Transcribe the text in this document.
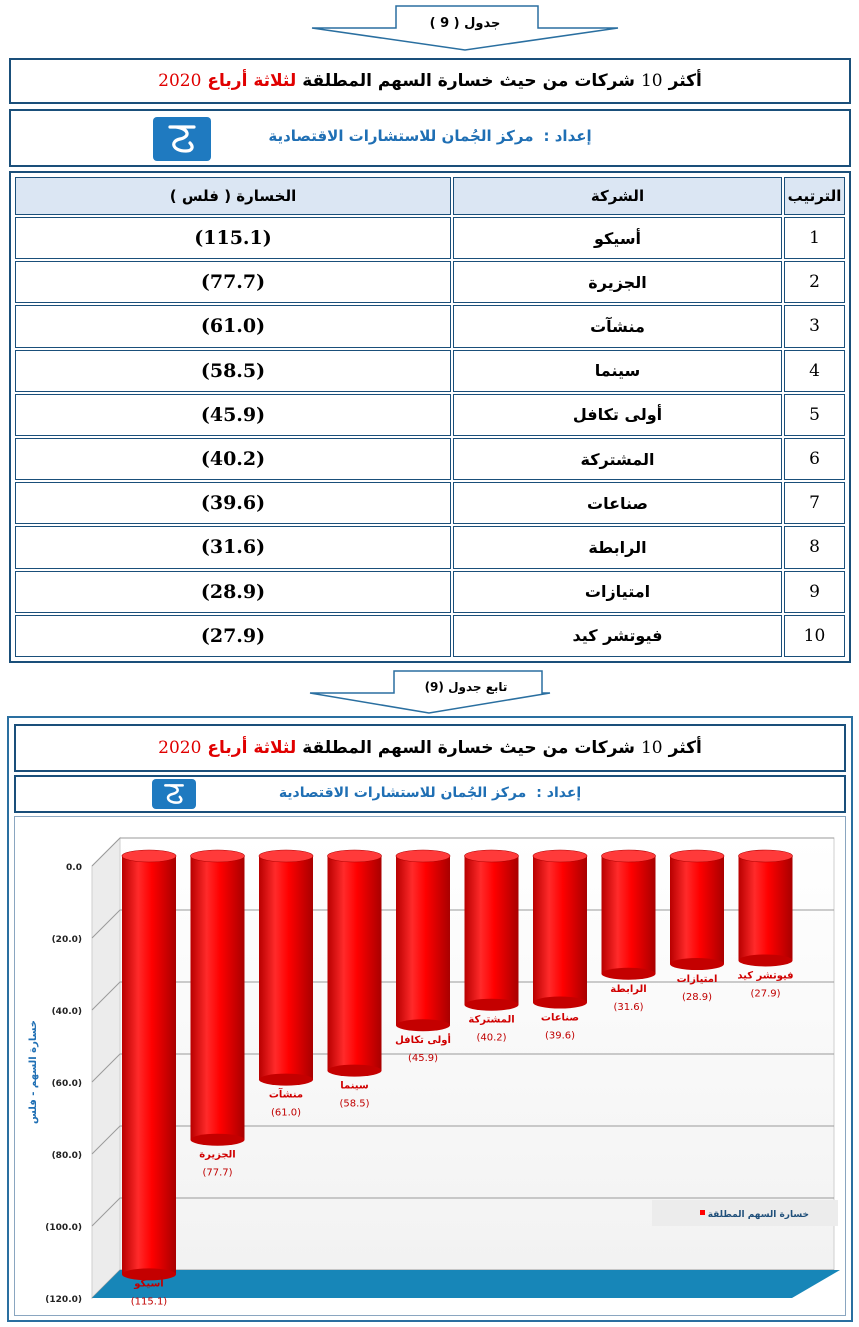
جدول ( 9 )
أكثر
10
شركات من حيث خسارة السهم المطلقة
لثلاثة أرباع
2020
إعداد :
مركز الجُمان للاستشارات الاقتصادية
الترتيب	الشركة	الخسارة ( فلس )
1	أسيكو	(115.1)
2	الجزيرة	(77.7)
3	منشآت	(61.0)
4	سينما	(58.5)
5	أولى تكافل	(45.9)
6	المشتركة	(40.2)
7	صناعات	(39.6)
8	الرابطة	(31.6)
9	امتيازات	(28.9)
10	فيوتشر كيد	(27.9)
تابع جدول (9)
أكثر
10
شركات من حيث خسارة السهم المطلقة
لثلاثة أرباع
2020
إعداد :
مركز الجُمان للاستشارات الاقتصادية
0.0
(20.0)
(40.0)
(60.0)
(80.0)
(100.0)
(120.0)
خسارة السهم - فلس
أسيكو
(115.1)
الجزيرة
(77.7)
منشآت
(61.0)
سينما
(58.5)
أولى تكافل
(45.9)
المشتركة
(40.2)
صناعات
(39.6)
الرابطة
(31.6)
امتيازات
(28.9)
فيوتشر كيد
(27.9)
خسارة السهم المطلقة
